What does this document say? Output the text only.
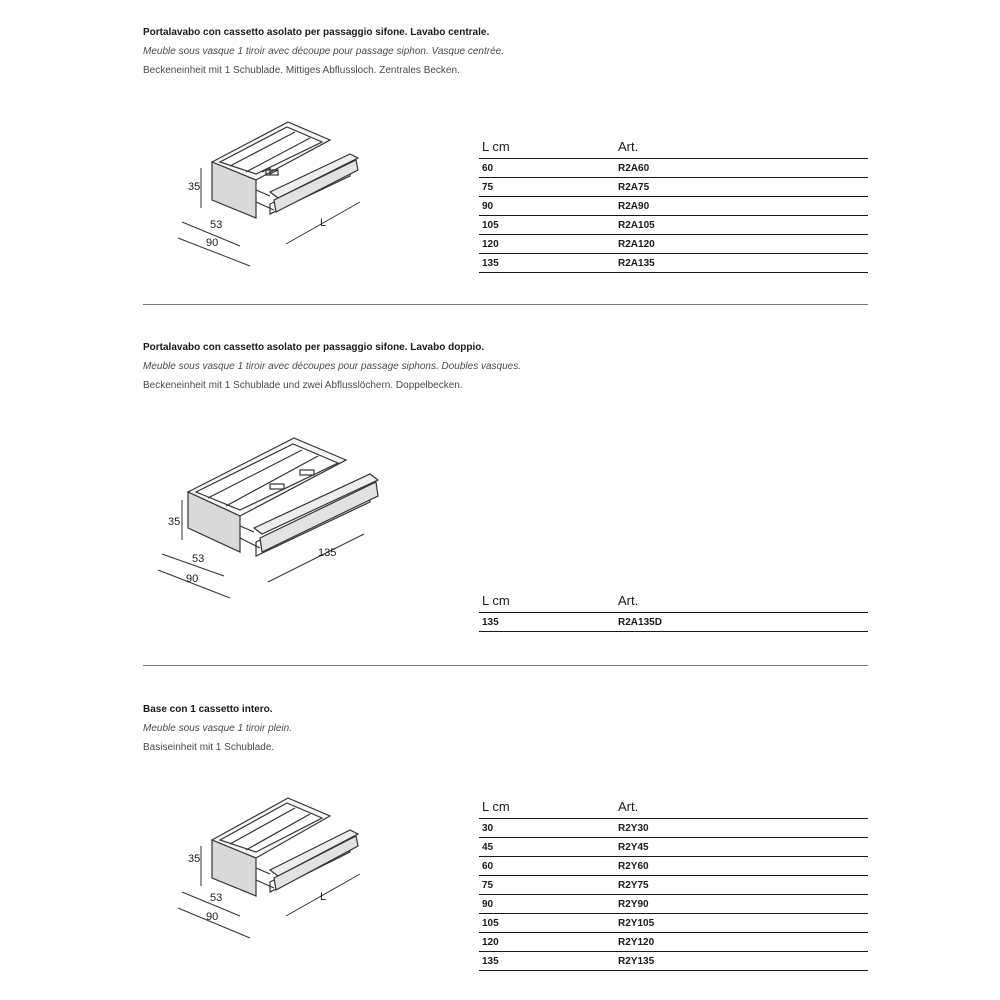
Portalavabo con cassetto asolato per passaggio sifone. Lavabo centrale.
Meuble sous vasque 1 tiroir avec découpe pour passage siphon. Vasque centrée.
Beckeneinheit mit 1 Schublade. Mittiges Abflussloch. Zentrales Becken.
35
53
90
L
L cm	Art.
60	R2A60
75	R2A75
90	R2A90
105	R2A105
120	R2A120
135	R2A135
Portalavabo con cassetto asolato per passaggio sifone. Lavabo doppio.
Meuble sous vasque 1 tiroir avec découpes pour passage siphons. Doubles vasques.
Beckeneinheit mit 1 Schublade und zwei Abflusslöchern. Doppelbecken.
35
53
90
135
L cm	Art.
135	R2A135D
Base con 1 cassetto intero.
Meuble sous vasque 1 tiroir plein.
Basiseinheit mit 1 Schublade.
35
53
90
L
L cm	Art.
30	R2Y30
45	R2Y45
60	R2Y60
75	R2Y75
90	R2Y90
105	R2Y105
120	R2Y120
135	R2Y135
